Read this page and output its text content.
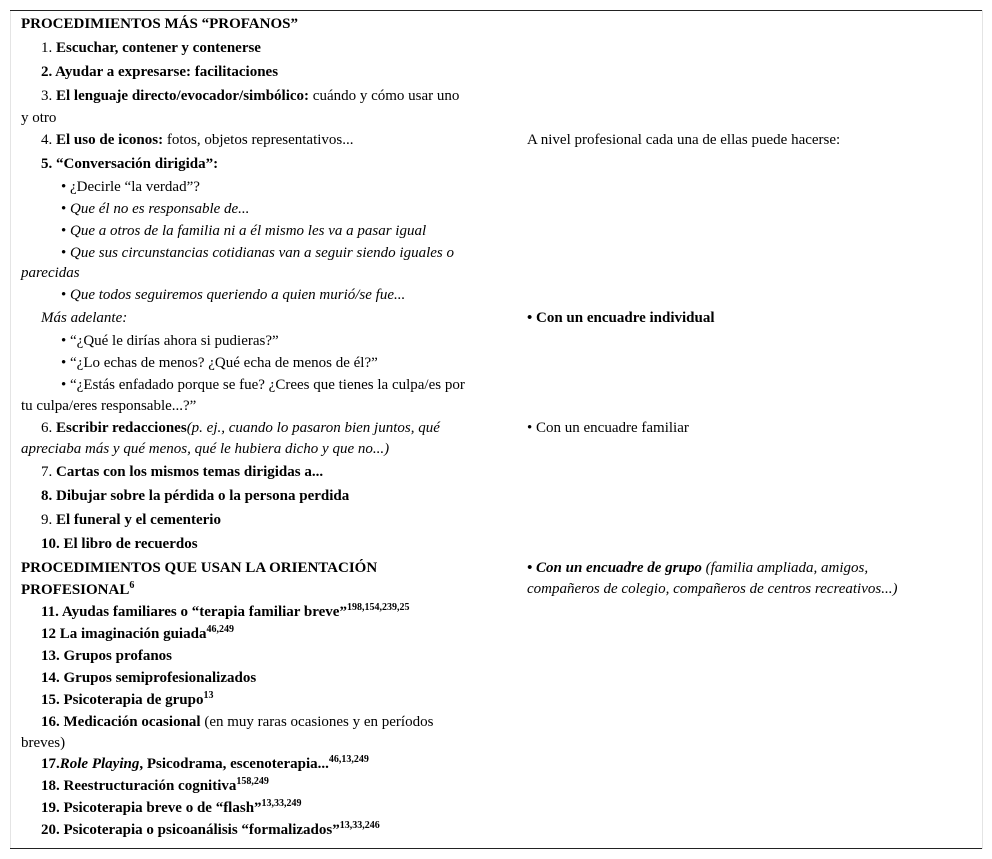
PROCEDIMIENTOS MÁS “PROFANOS”
1. Escuchar, contener y contenerse
2. Ayudar a expresarse: facilitaciones
3. El lenguaje directo/evocador/simbólico: cuándo y cómo usar uno
y otro
4. El uso de iconos: fotos, objetos representativos...
5. “Conversación dirigida”:
• ¿Decirle “la verdad”?
• Que él no es responsable de...
• Que a otros de la familia ni a él mismo les va a pasar igual
• Que sus circunstancias cotidianas van a seguir siendo iguales o
parecidas
• Que todos seguiremos queriendo a quien murió/se fue...
Más adelante:
• “¿Qué le dirías ahora si pudieras?”
• “¿Lo echas de menos? ¿Qué echa de menos de él?”
• “¿Estás enfadado porque se fue? ¿Crees que tienes la culpa/es por
tu culpa/eres responsable...?”
6. Escribir redacciones(p. ej., cuando lo pasaron bien juntos, qué
apreciaba más y qué menos, qué le hubiera dicho y que no...)
7. Cartas con los mismos temas dirigidas a...
8. Dibujar sobre la pérdida o la persona perdida
9. El funeral y el cementerio
10. El libro de recuerdos
PROCEDIMIENTOS QUE USAN LA ORIENTACIÓN
PROFESIONAL$^6$
11. Ayudas familiares o “terapia familiar breve”$^{198,154,239,25}$
12 La imaginación guiada$^{46,249}$
13. Grupos profanos
14. Grupos semiprofesionalizados
15. Psicoterapia de grupo$^{13}$
16. Medicación ocasional (en muy raras ocasiones y en períodos
breves)
17.Role Playing, Psicodrama, escenoterapia...$^{46,13,249}$
18. Reestructuración cognitiva$^{158,249}$
19. Psicoterapia breve o de “flash”$^{13,33,249}$
20. Psicoterapia o psicoanálisis “formalizados”$^{13,33,246}$
A nivel profesional cada una de ellas puede hacerse:
• Con un encuadre individual
• Con un encuadre familiar
• Con un encuadre de grupo (familia ampliada, amigos,
compañeros de colegio, compañeros de centros recreativos...)
